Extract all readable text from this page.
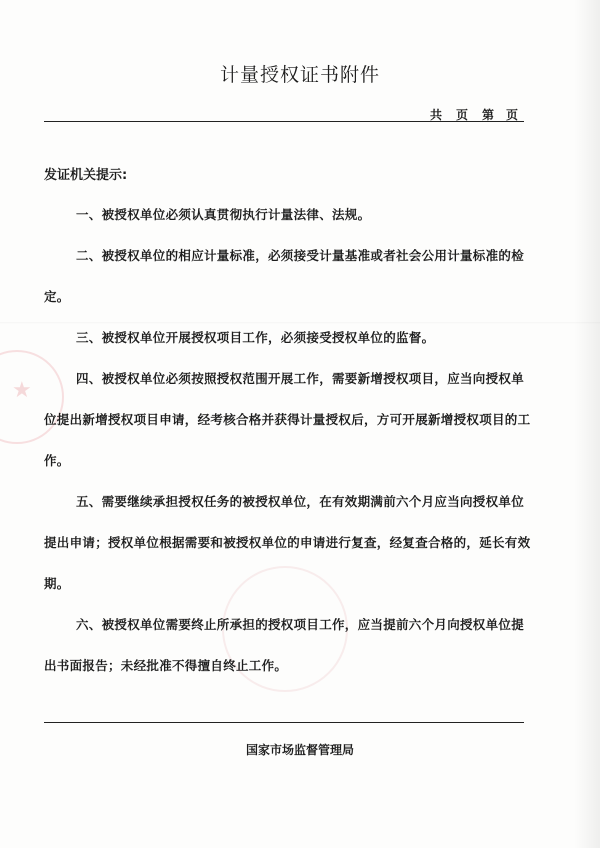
★
计量授权证书附件
共	页	第 页
发证机关提示:
一、被授权单位必须认真贯彻执行计量法律、法规。
二、被授权单位的相应计量标准，必须接受计量基准或者社会公用计量标准的检定。
三、被授权单位开展授权项目工作，必须接受授权单位的监督。
四、被授权单位必须按照授权范围开展工作，需要新增授权项目，应当向授权单位提出新增授权项目申请，经考核合格并获得计量授权后，方可开展新增授权项目的工作。
五、需要继续承担授权任务的被授权单位，在有效期满前六个月应当向授权单位提出申请；授权单位根据需要和被授权单位的申请进行复查，经复查合格的，延长有效期。
六、被授权单位需要终止所承担的授权项目工作，应当提前六个月向授权单位提出书面报告；未经批准不得擅自终止工作。
国家市场监督管理局
